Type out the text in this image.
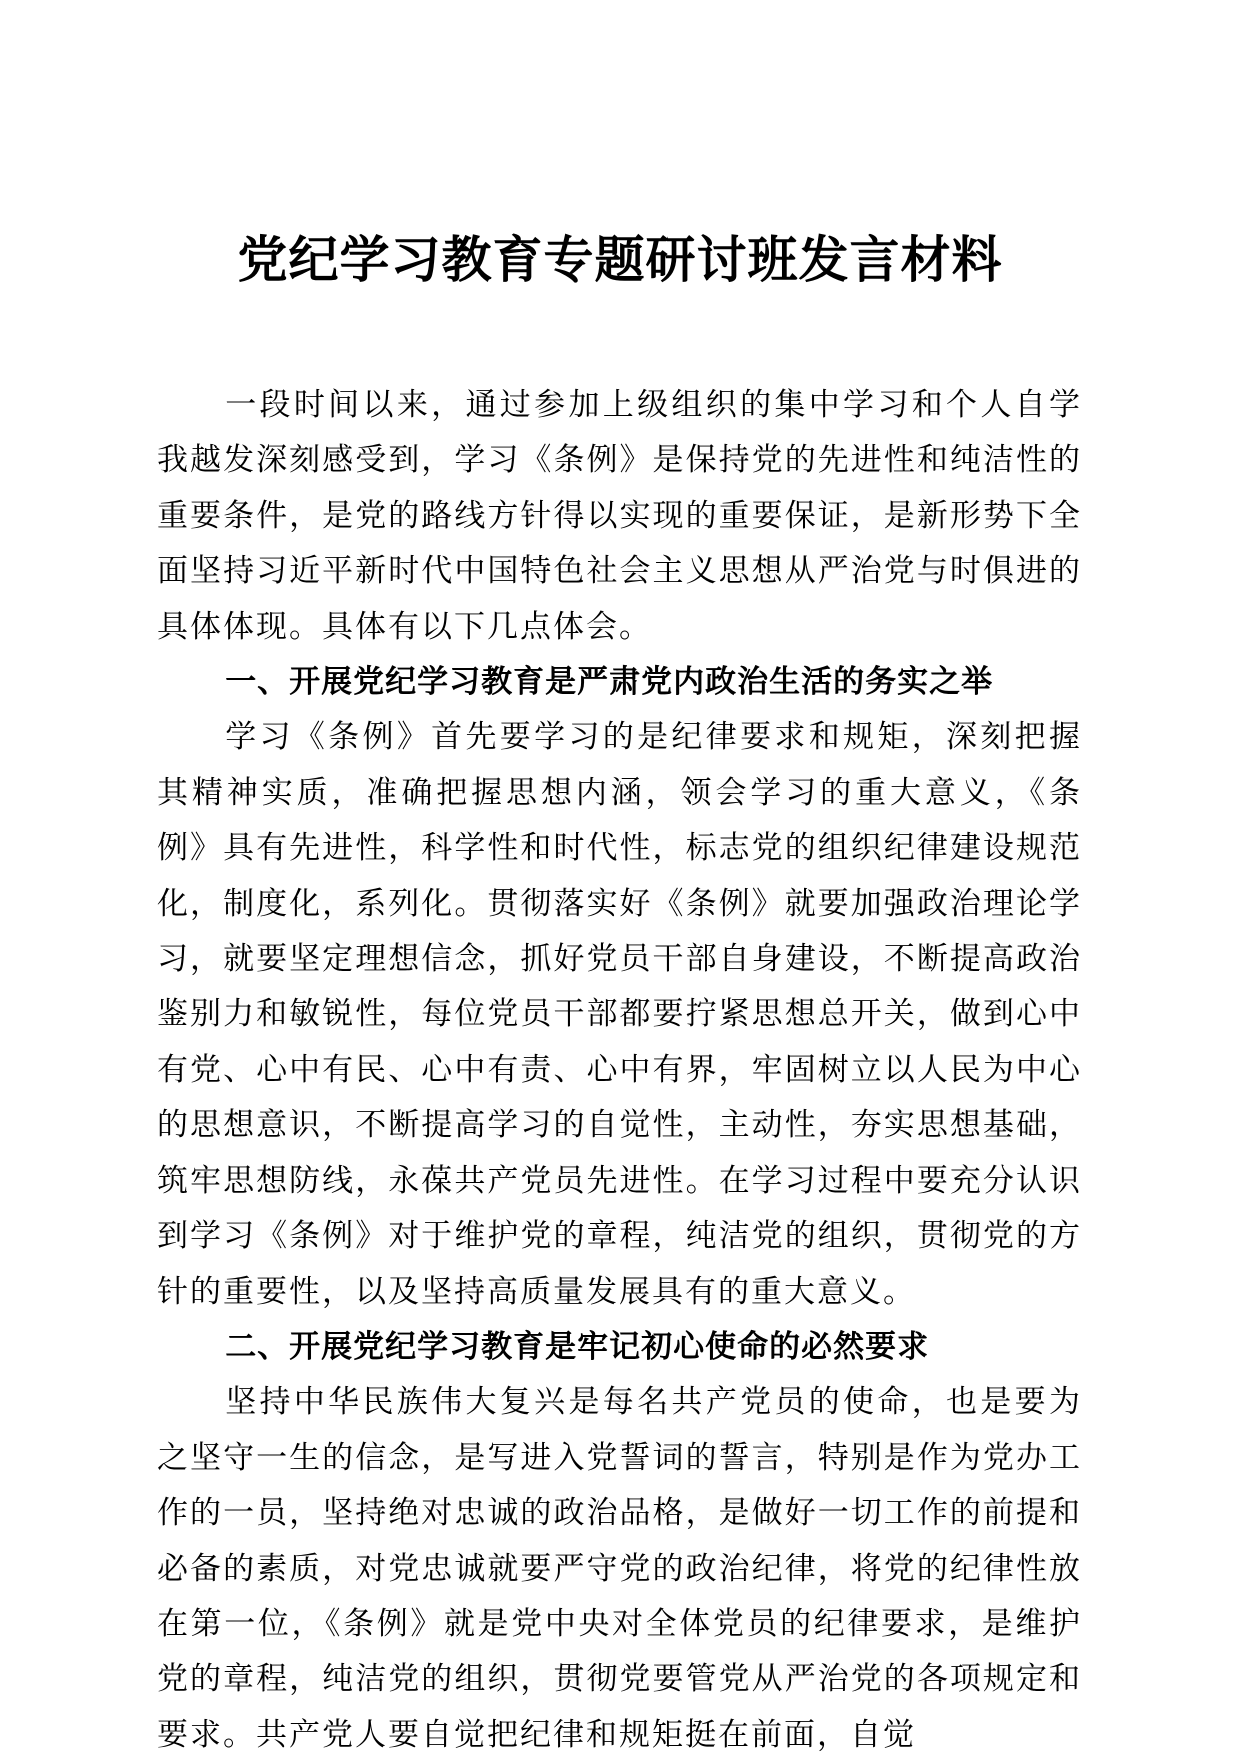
党纪学习教育专题研讨班发言材料

一段时间以来，通过参加上级组织的集中学习和个人自学我越发深刻感受到，学习《条例》是保持党的先进性和纯洁性的重要条件，是党的路线方针得以实现的重要保证，是新形势下全面坚持习近平新时代中国特色社会主义思想从严治党与时俱进的具体体现。具体有以下几点体会。

一、开展党纪学习教育是严肃党内政治生活的务实之举

学习《条例》首先要学习的是纪律要求和规矩，深刻把握其精神实质，准确把握思想内涵，领会学习的重大意义，《条例》具有先进性，科学性和时代性，标志党的组织纪律建设规范化，制度化，系列化。贯彻落实好《条例》就要加强政治理论学习，就要坚定理想信念，抓好党员干部自身建设，不断提高政治鉴别力和敏锐性，每位党员干部都要拧紧思想总开关，做到心中有党、心中有民、心中有责、心中有界，牢固树立以人民为中心的思想意识，不断提高学习的自觉性，主动性，夯实思想基础，筑牢思想防线，永葆共产党员先进性。在学习过程中要充分认识到学习《条例》对于维护党的章程，纯洁党的组织，贯彻党的方针的重要性，以及坚持高质量发展具有的重大意义。

二、开展党纪学习教育是牢记初心使命的必然要求

坚持中华民族伟大复兴是每名共产党员的使命，也是要为之坚守一生的信念，是写进入党誓词的誓言，特别是作为党办工作的一员，坚持绝对忠诚的政治品格，是做好一切工作的前提和必备的素质，对党忠诚就要严守党的政治纪律，将党的纪律性放在第一位，《条例》就是党中央对全体党员的纪律要求，是维护党的章程，纯洁党的组织，贯彻党要管党从严治党的各项规定和要求。共产党人要自觉把纪律和规矩挺在前面，自觉
